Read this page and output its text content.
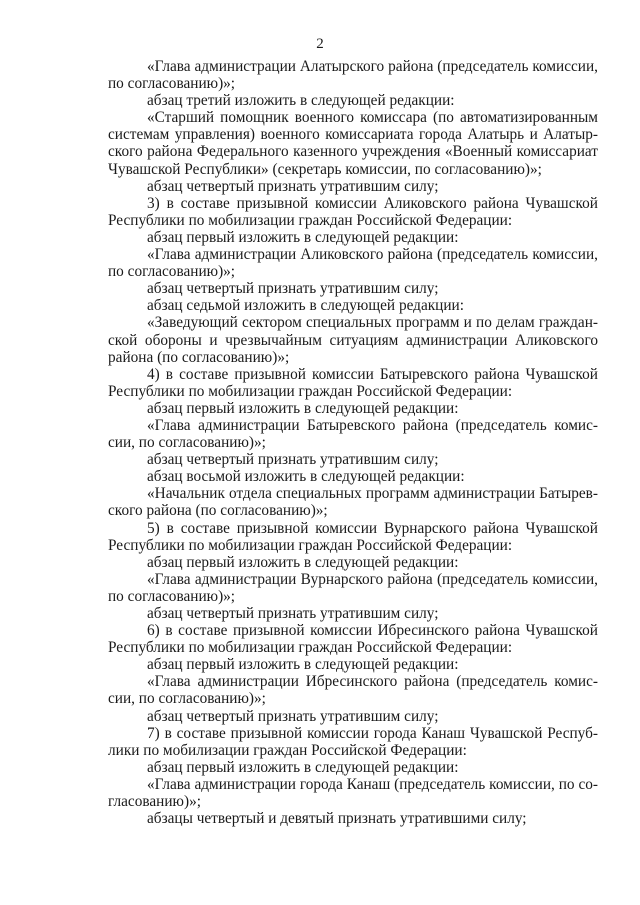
2
«Глава администрации Алатырского района (председатель комиссии,
по согласованию)»;
абзац третий изложить в следующей редакции:
«Старший помощник военного комиссара (по автоматизированным
системам управления) военного комиссариата города Алатырь и Алатыр-
ского района Федерального казенного учреждения «Военный комиссариат
Чувашской Республики» (секретарь комиссии, по согласованию)»;
абзац четвертый признать утратившим силу;
3) в составе призывной комиссии Аликовского района Чувашской
Республики по мобилизации граждан Российской Федерации:
абзац первый изложить в следующей редакции:
«Глава администрации Аликовского района (председатель комиссии,
по согласованию)»;
абзац четвертый признать утратившим силу;
абзац седьмой изложить в следующей редакции:
«Заведующий сектором специальных программ и по делам граждан-
ской обороны и чрезвычайным ситуациям администрации Аликовского
района (по согласованию)»;
4) в составе призывной комиссии Батыревского района Чувашской
Республики по мобилизации граждан Российской Федерации:
абзац первый изложить в следующей редакции:
«Глава администрации Батыревского района (председатель комис-
сии, по согласованию)»;
абзац четвертый признать утратившим силу;
абзац восьмой изложить в следующей редакции:
«Начальник отдела специальных программ администрации Батырев-
ского района (по согласованию)»;
5) в составе призывной комиссии Вурнарского района Чувашской
Республики по мобилизации граждан Российской Федерации:
абзац первый изложить в следующей редакции:
«Глава администрации Вурнарского района (председатель комиссии,
по согласованию)»;
абзац четвертый признать утратившим силу;
6) в составе призывной комиссии Ибресинского района Чувашской
Республики по мобилизации граждан Российской Федерации:
абзац первый изложить в следующей редакции:
«Глава администрации Ибресинского района (председатель комис-
сии, по согласованию)»;
абзац четвертый признать утратившим силу;
7) в составе призывной комиссии города Канаш Чувашской Респуб-
лики по мобилизации граждан Российской Федерации:
абзац первый изложить в следующей редакции:
«Глава администрации города Канаш (председатель комиссии, по со-
гласованию)»;
абзацы четвертый и девятый признать утратившими силу;
